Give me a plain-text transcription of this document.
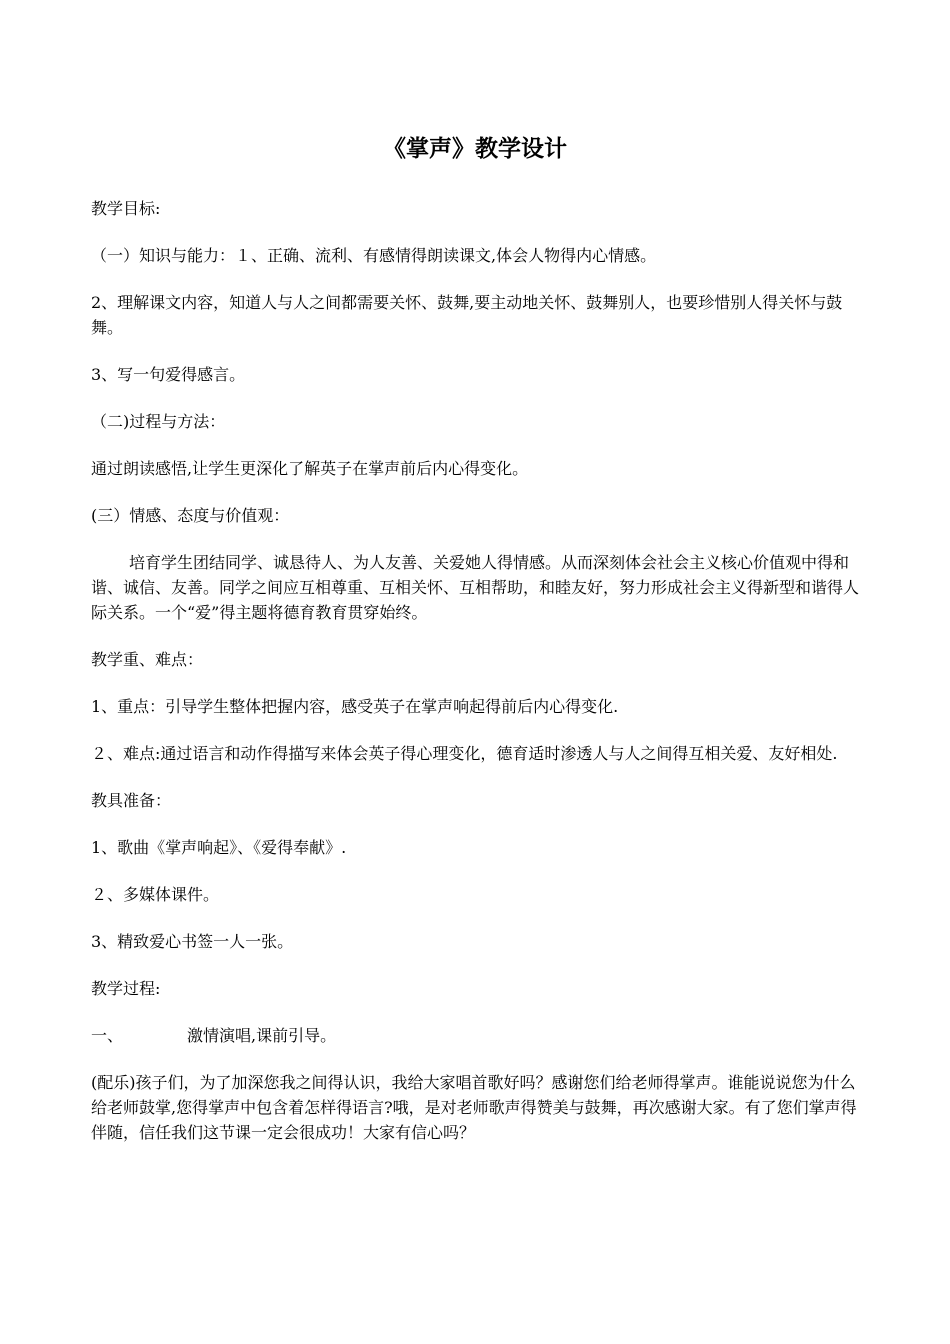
《掌声》教学设计

教学目标:

（一）知识与能力：１、正确、流利、有感情得朗读课文,体会人物得内心情感。

2、理解课文内容，知道人与人之间都需要关怀、鼓舞,要主动地关怀、鼓舞别人，也要珍惜别人得关怀与鼓舞。

3、写一句爱得感言。

（二)过程与方法：

通过朗读感悟,让学生更深化了解英子在掌声前后内心得变化。

(三）情感、态度与价值观：

培育学生团结同学、诚恳待人、为人友善、关爱她人得情感。从而深刻体会社会主义核心价值观中得和谐、诚信、友善。同学之间应互相尊重、互相关怀、互相帮助，和睦友好，努力形成社会主义得新型和谐得人际关系。一个“爱”得主题将德育教育贯穿始终。

教学重、难点：

1、重点：引导学生整体把握内容，感受英子在掌声响起得前后内心得变化.

２、难点:通过语言和动作得描写来体会英子得心理变化，德育适时渗透人与人之间得互相关爱、友好相处.

教具准备：

1、歌曲《掌声响起》、《爱得奉献》.

２、多媒体课件。

3、精致爱心书签一人一张。

教学过程:

一、	激情演唱,课前引导。

(配乐)孩子们，为了加深您我之间得认识，我给大家唱首歌好吗？感谢您们给老师得掌声。谁能说说您为什么给老师鼓掌,您得掌声中包含着怎样得语言?哦，是对老师歌声得赞美与鼓舞，再次感谢大家。有了您们掌声得伴随，信任我们这节课一定会很成功！大家有信心吗？
